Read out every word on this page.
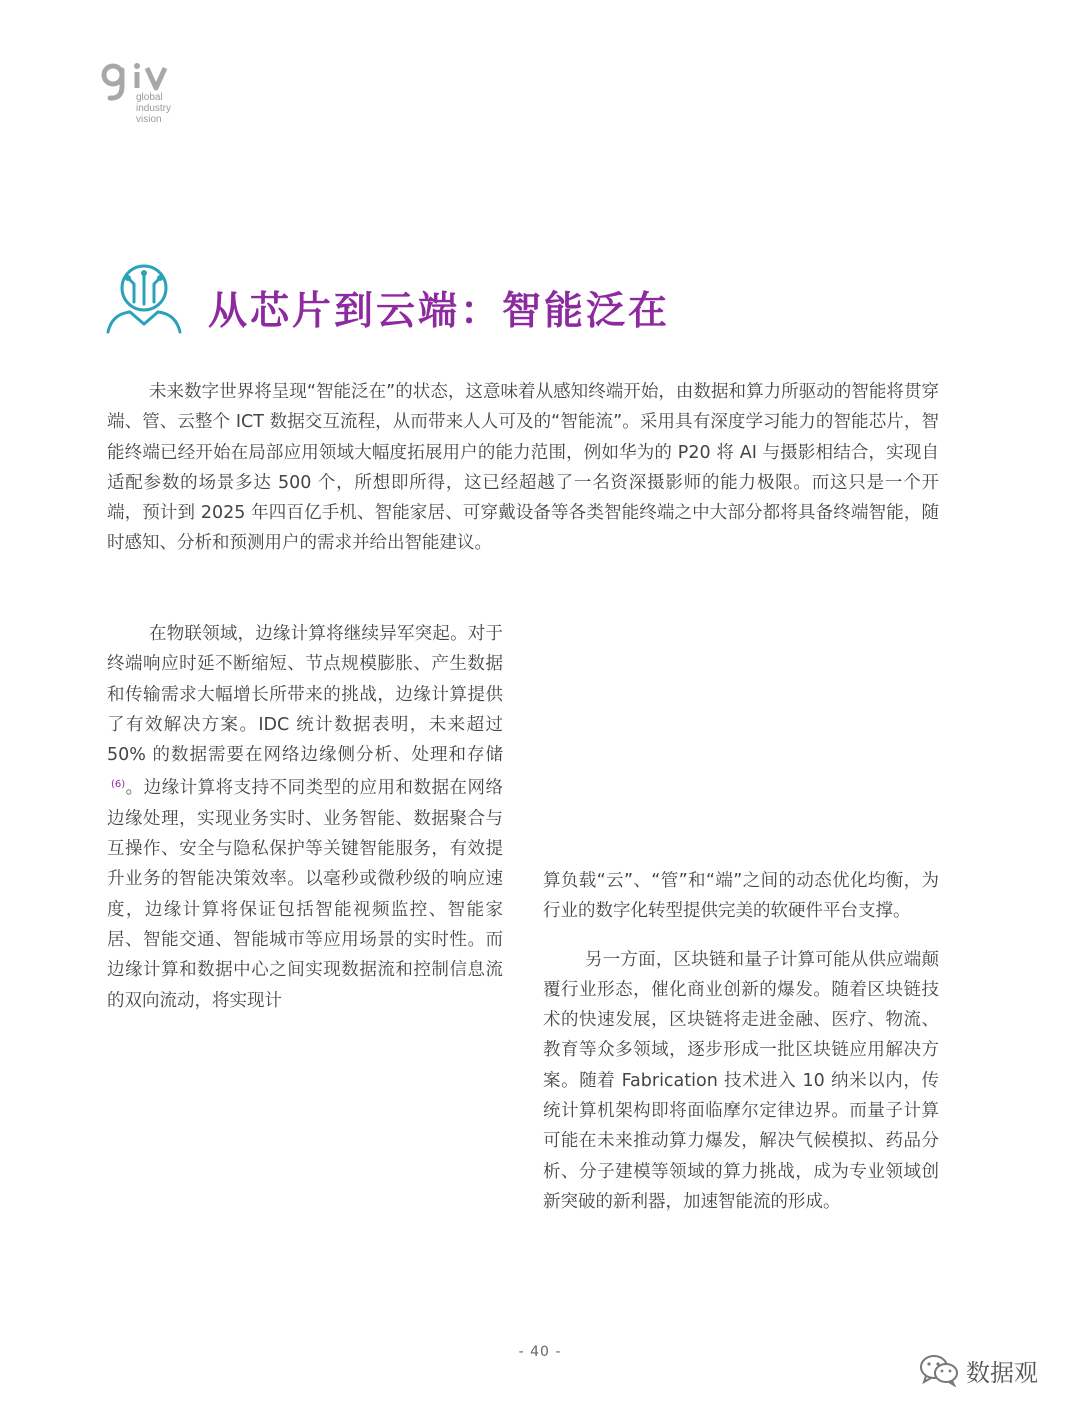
global
industry
vision
从芯片到云端：智能泛在

未来数字世界将呈现“智能泛在”的状态，这意味着从感知终端开始，由数据和算力所驱动的智能将贯穿端、管、云整个 ICT 数据交互流程，从而带来人人可及的“智能流”。采用具有深度学习能力的智能芯片，智能终端已经开始在局部应用领域大幅度拓展用户的能力范围，例如华为的 P20 将 AI 与摄影相结合，实现自适配参数的场景多达 500 个，所想即所得，这已经超越了一名资深摄影师的能力极限。而这只是一个开端，预计到 2025 年四百亿手机、智能家居、可穿戴设备等各类智能终端之中大部分都将具备终端智能，随时感知、分析和预测用户的需求并给出智能建议。

在物联领域，边缘计算将继续异军突起。对于终端响应时延不断缩短、节点规模膨胀、产生数据和传输需求大幅增长所带来的挑战，边缘计算提供了有效解决方案。IDC 统计数据表明，未来超过 50% 的数据需要在网络边缘侧分析、处理和存储$^{(6)}$。边缘计算将支持不同类型的应用和数据在网络边缘处理，实现业务实时、业务智能、数据聚合与互操作、安全与隐私保护等关键智能服务，有效提升业务的智能决策效率。以毫秒或微秒级的响应速度，边缘计算将保证包括智能视频监控、智能家居、智能交通、智能城市等应用场景的实时性。而边缘计算和数据中心之间实现数据流和控制信息流的双向流动，将实现计

算负载“云”、“管”和“端”之间的动态优化均衡，为行业的数字化转型提供完美的软硬件平台支撑。

另一方面，区块链和量子计算可能从供应端颠覆行业形态，催化商业创新的爆发。随着区块链技术的快速发展，区块链将走进金融、医疗、物流、教育等众多领域，逐步形成一批区块链应用解决方案。随着 Fabrication 技术进入 10 纳米以内，传统计算机架构即将面临摩尔定律边界。而量子计算可能在未来推动算力爆发，解决气候模拟、药品分析、分子建模等领域的算力挑战，成为专业领域创新突破的新利器，加速智能流的形成。

- 40 -
数据观
